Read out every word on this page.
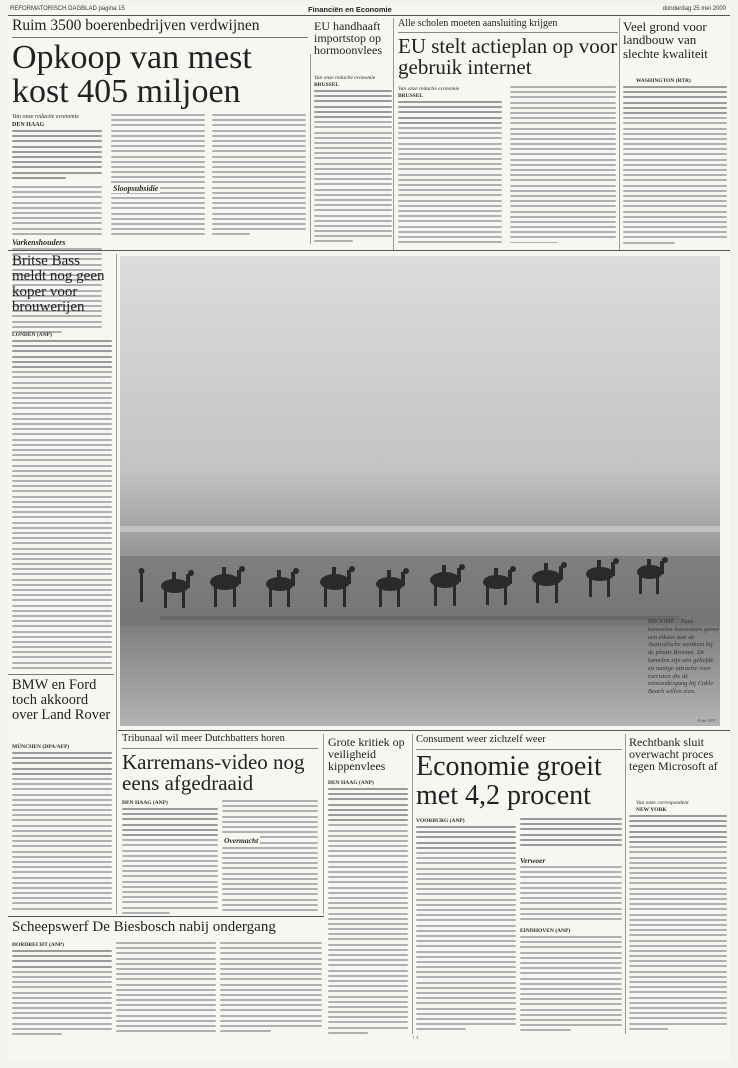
REFORMATORISCH DAGBLAD pagina 15	Financiën en Economie	donderdag 25 mei 2000
Ruim 3500 boerenbedrijven verdwijnen
Opkoop van mest kost 405 miljoen
Van onze redactie economie
DEN HAAG
Varkenshouders
Sloopsubsidie
EU handhaaft importstop op hormoonvlees
Van onze redactie economie
BRUSSEL
Alle scholen moeten aansluiting krijgen
EU stelt actieplan op voor gebruik internet
Van onze redactie economie
BRUSSEL
Veel grond voor landbouw van slechte kwaliteit
WASHINGTON (RTR)
Britse Bass meldt nog geen koper voor brouwerijen
LONDEN (ANP)
BROOME - Twee kameelen-karavanen geven een elkaar aan de Australische westkust bij de plaats Broome. De kamelen zijn een geliefde en nuttige attractie voor toeristen die de zonsondergang bij Cable Beach willen zien.
Foto AFP
BMW en Ford toch akkoord over Land Rover
MÜNCHEN (DPA/AFP)
Tribunaal wil meer Dutchbatters horen
Karremans-video nog eens afgedraaid
DEN HAAG (ANP)
Overmacht
Grote kritiek op veiligheid kippenvlees
DEN HAAG (ANP)
Consument weer zichzelf weer
Economie groeit met 4,2 procent
VOORBURG (ANP)
Verwoer
EINDHOVEN (ANP)
Rechtbank sluit overwacht proces tegen Microsoft af
Van onze correspondent
NEW YORK
Scheepswerf De Biesbosch nabij ondergang
DORDRECHT (ANP)
1 4
